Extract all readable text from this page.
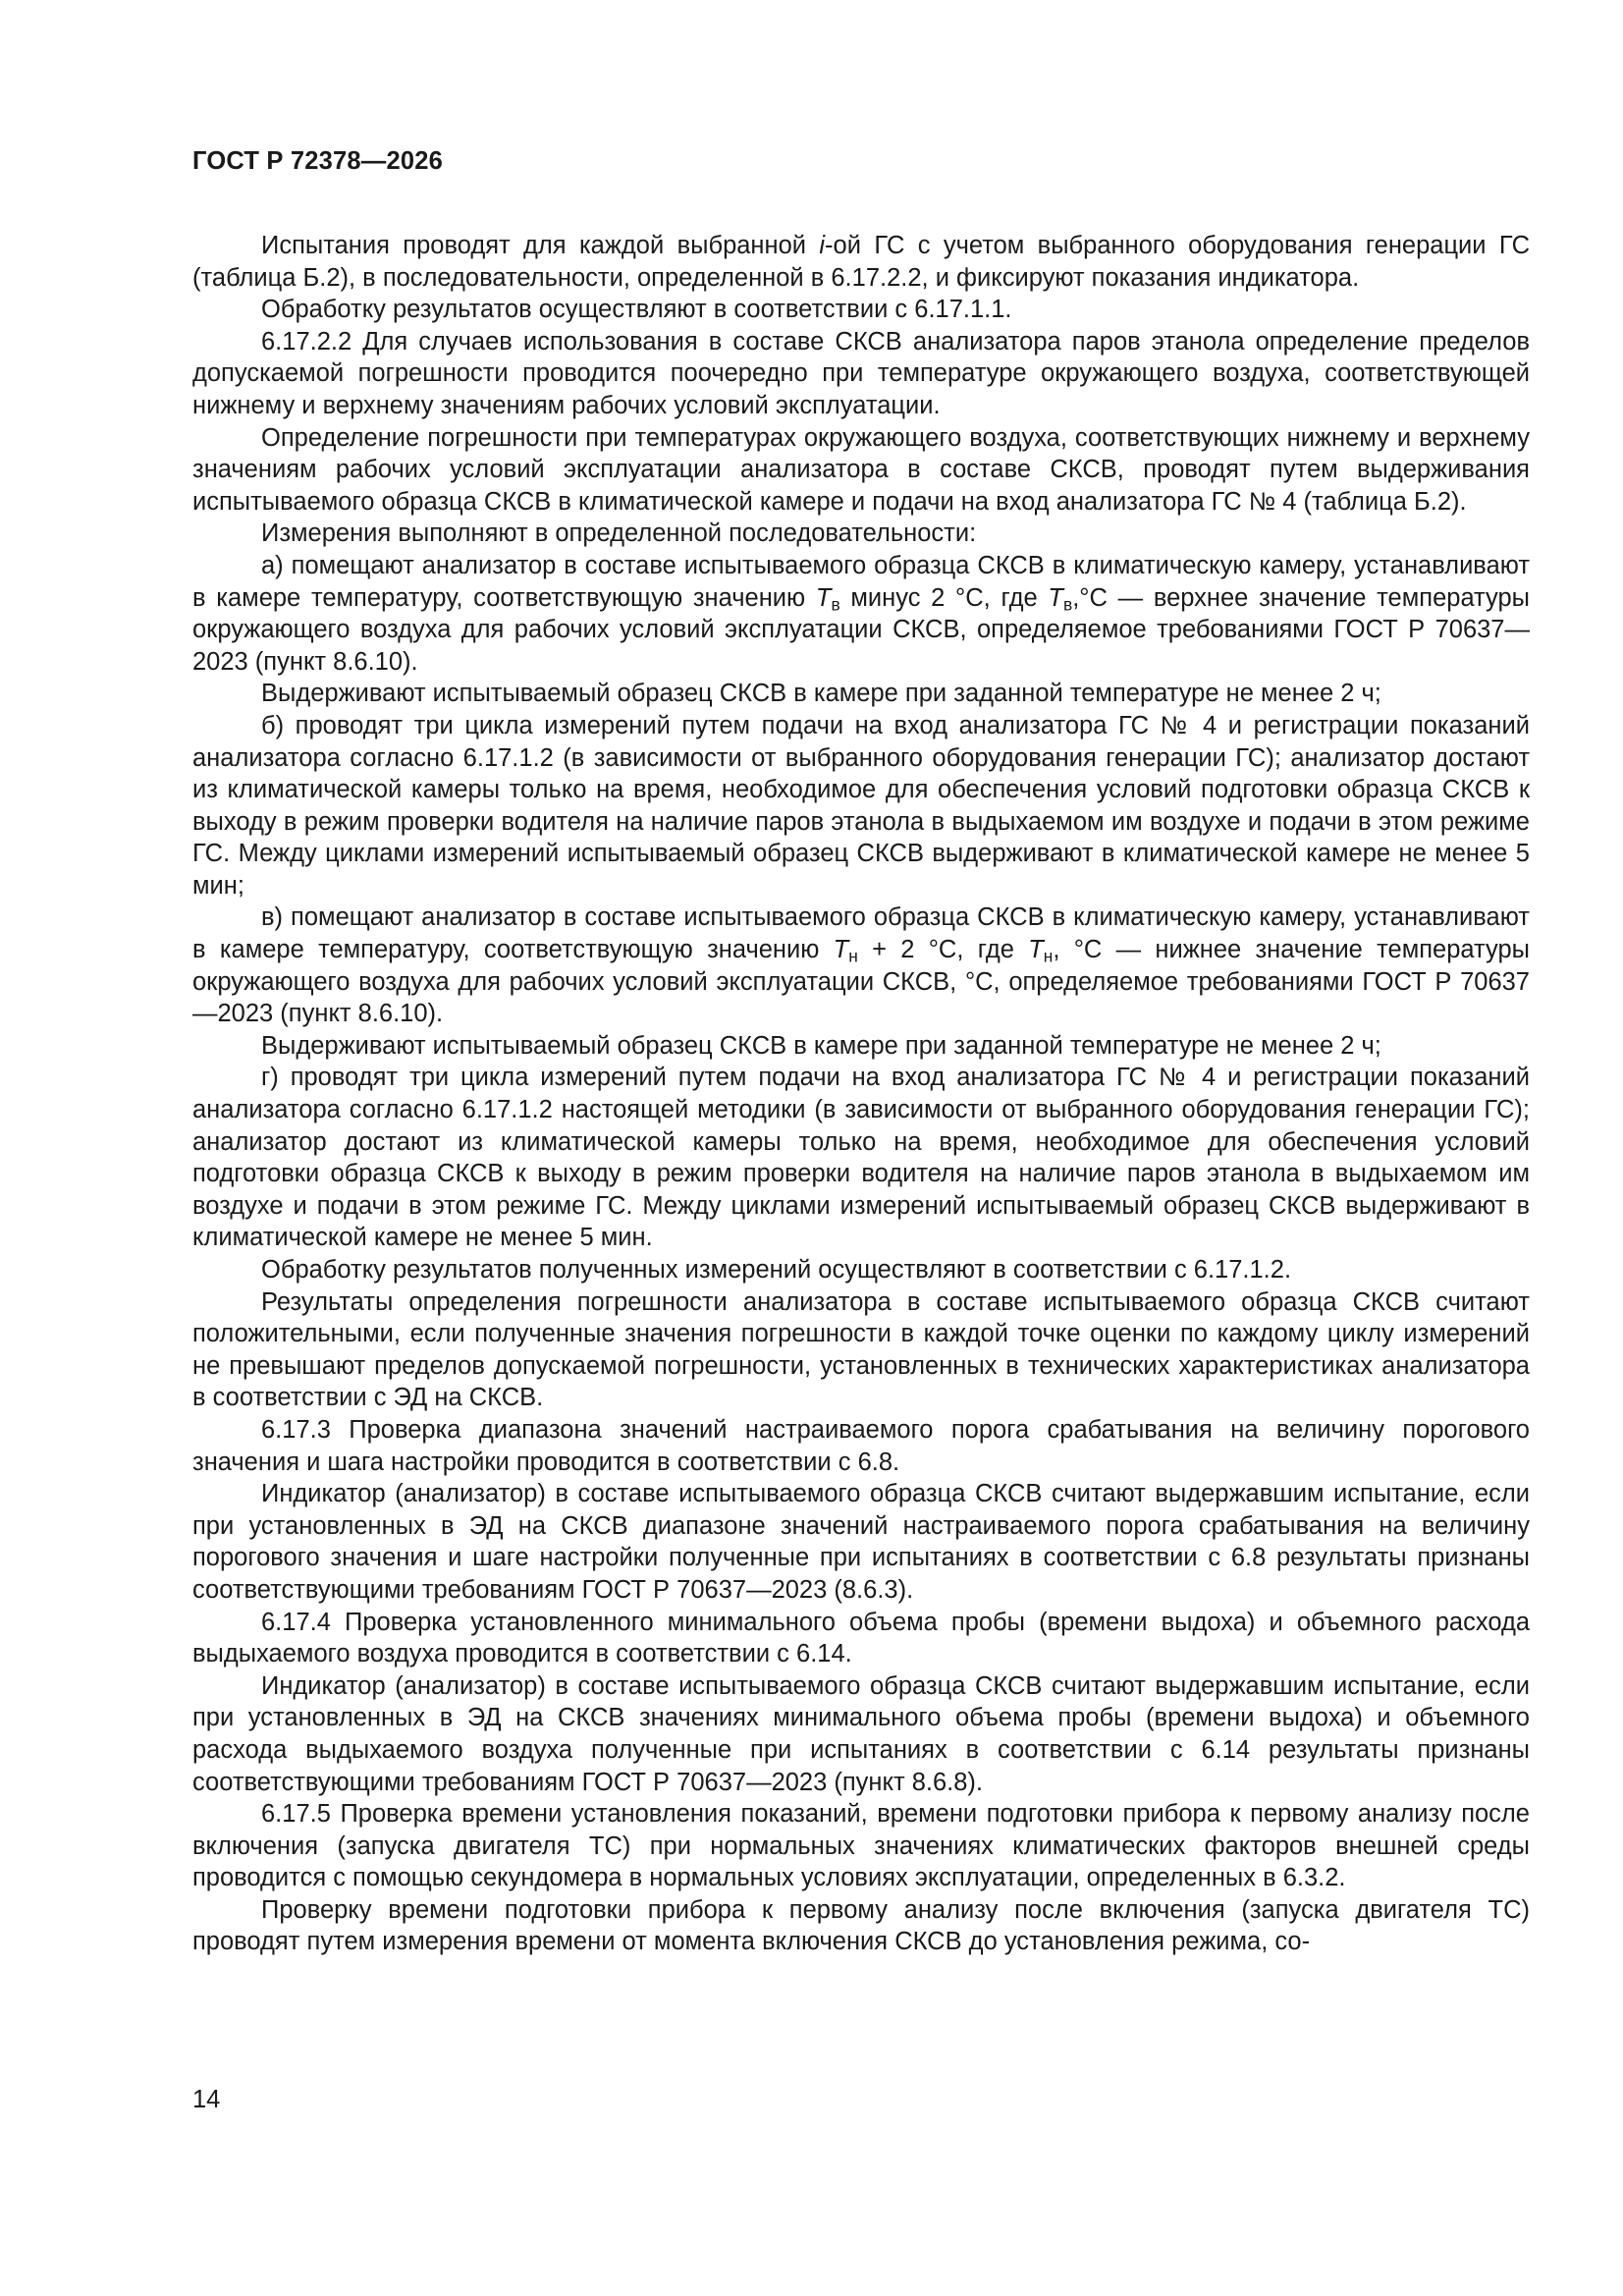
ГОСТ Р 72378—2026

Испытания проводят для каждой выбранной i-ой ГС с учетом выбранного оборудования генерации ГС (таблица Б.2), в последовательности, определенной в 6.17.2.2, и фиксируют показания индикатора.

Обработку результатов осуществляют в соответствии с 6.17.1.1.

6.17.2.2 Для случаев использования в составе СКСВ анализатора паров этанола определение пределов допускаемой погрешности проводится поочередно при температуре окружающего воздуха, соответствующей нижнему и верхнему значениям рабочих условий эксплуатации.

Определение погрешности при температурах окружающего воздуха, соответствующих нижнему и верхнему значениям рабочих условий эксплуатации анализатора в составе СКСВ, проводят путем выдерживания испытываемого образца СКСВ в климатической камере и подачи на вход анализатора ГС № 4 (таблица Б.2).

Измерения выполняют в определенной последовательности:

а) помещают анализатор в составе испытываемого образца СКСВ в климатическую камеру, устанавливают в камере температуру, соответствующую значению $Т_в$ минус 2 °С, где $Т_в,^\circ С$ — верхнее значение температуры окружающего воздуха для рабочих условий эксплуатации СКСВ, определяемое требованиями ГОСТ Р 70637—2023 (пункт 8.6.10).

Выдерживают испытываемый образец СКСВ в камере при заданной температуре не менее 2 ч;

б) проводят три цикла измерений путем подачи на вход анализатора ГС № 4 и регистрации показаний анализатора согласно 6.17.1.2 (в зависимости от выбранного оборудования генерации ГС); анализатор достают из климатической камеры только на время, необходимое для обеспечения условий подготовки образца СКСВ к выходу в режим проверки водителя на наличие паров этанола в выдыхаемом им воздухе и подачи в этом режиме ГС. Между циклами измерений испытываемый образец СКСВ выдерживают в климатической камере не менее 5 мин;

в) помещают анализатор в составе испытываемого образца СКСВ в климатическую камеру, устанавливают в камере температуру, соответствующую значению $Т_н + 2$ °С, где $Т_н$, °С — нижнее значение температуры окружающего воздуха для рабочих условий эксплуатации СКСВ, °С, определяемое требованиями ГОСТ Р 70637—2023 (пункт 8.6.10).

Выдерживают испытываемый образец СКСВ в камере при заданной температуре не менее 2 ч;

г) проводят три цикла измерений путем подачи на вход анализатора ГС № 4 и регистрации показаний анализатора согласно 6.17.1.2 настоящей методики (в зависимости от выбранного оборудования генерации ГС); анализатор достают из климатической камеры только на время, необходимое для обеспечения условий подготовки образца СКСВ к выходу в режим проверки водителя на наличие паров этанола в выдыхаемом им воздухе и подачи в этом режиме ГС. Между циклами измерений испытываемый образец СКСВ выдерживают в климатической камере не менее 5 мин.

Обработку результатов полученных измерений осуществляют в соответствии с 6.17.1.2.

Результаты определения погрешности анализатора в составе испытываемого образца СКСВ считают положительными, если полученные значения погрешности в каждой точке оценки по каждому циклу измерений не превышают пределов допускаемой погрешности, установленных в технических характеристиках анализатора в соответствии с ЭД на СКСВ.

6.17.3 Проверка диапазона значений настраиваемого порога срабатывания на величину порогового значения и шага настройки проводится в соответствии с 6.8.

Индикатор (анализатор) в составе испытываемого образца СКСВ считают выдержавшим испытание, если при установленных в ЭД на СКСВ диапазоне значений настраиваемого порога срабатывания на величину порогового значения и шаге настройки полученные при испытаниях в соответствии с 6.8 результаты признаны соответствующими требованиям ГОСТ Р 70637—2023 (8.6.3).

6.17.4 Проверка установленного минимального объема пробы (времени выдоха) и объемного расхода выдыхаемого воздуха проводится в соответствии с 6.14.

Индикатор (анализатор) в составе испытываемого образца СКСВ считают выдержавшим испытание, если при установленных в ЭД на СКСВ значениях минимального объема пробы (времени выдоха) и объемного расхода выдыхаемого воздуха полученные при испытаниях в соответствии с 6.14 результаты признаны соответствующими требованиям ГОСТ Р 70637—2023 (пункт 8.6.8).

6.17.5 Проверка времени установления показаний, времени подготовки прибора к первому анализу после включения (запуска двигателя ТС) при нормальных значениях климатических факторов внешней среды проводится с помощью секундомера в нормальных условиях эксплуатации, определенных в 6.3.2.

Проверку времени подготовки прибора к первому анализу после включения (запуска двигателя ТС) проводят путем измерения времени от момента включения СКСВ до установления режима, со-

14
